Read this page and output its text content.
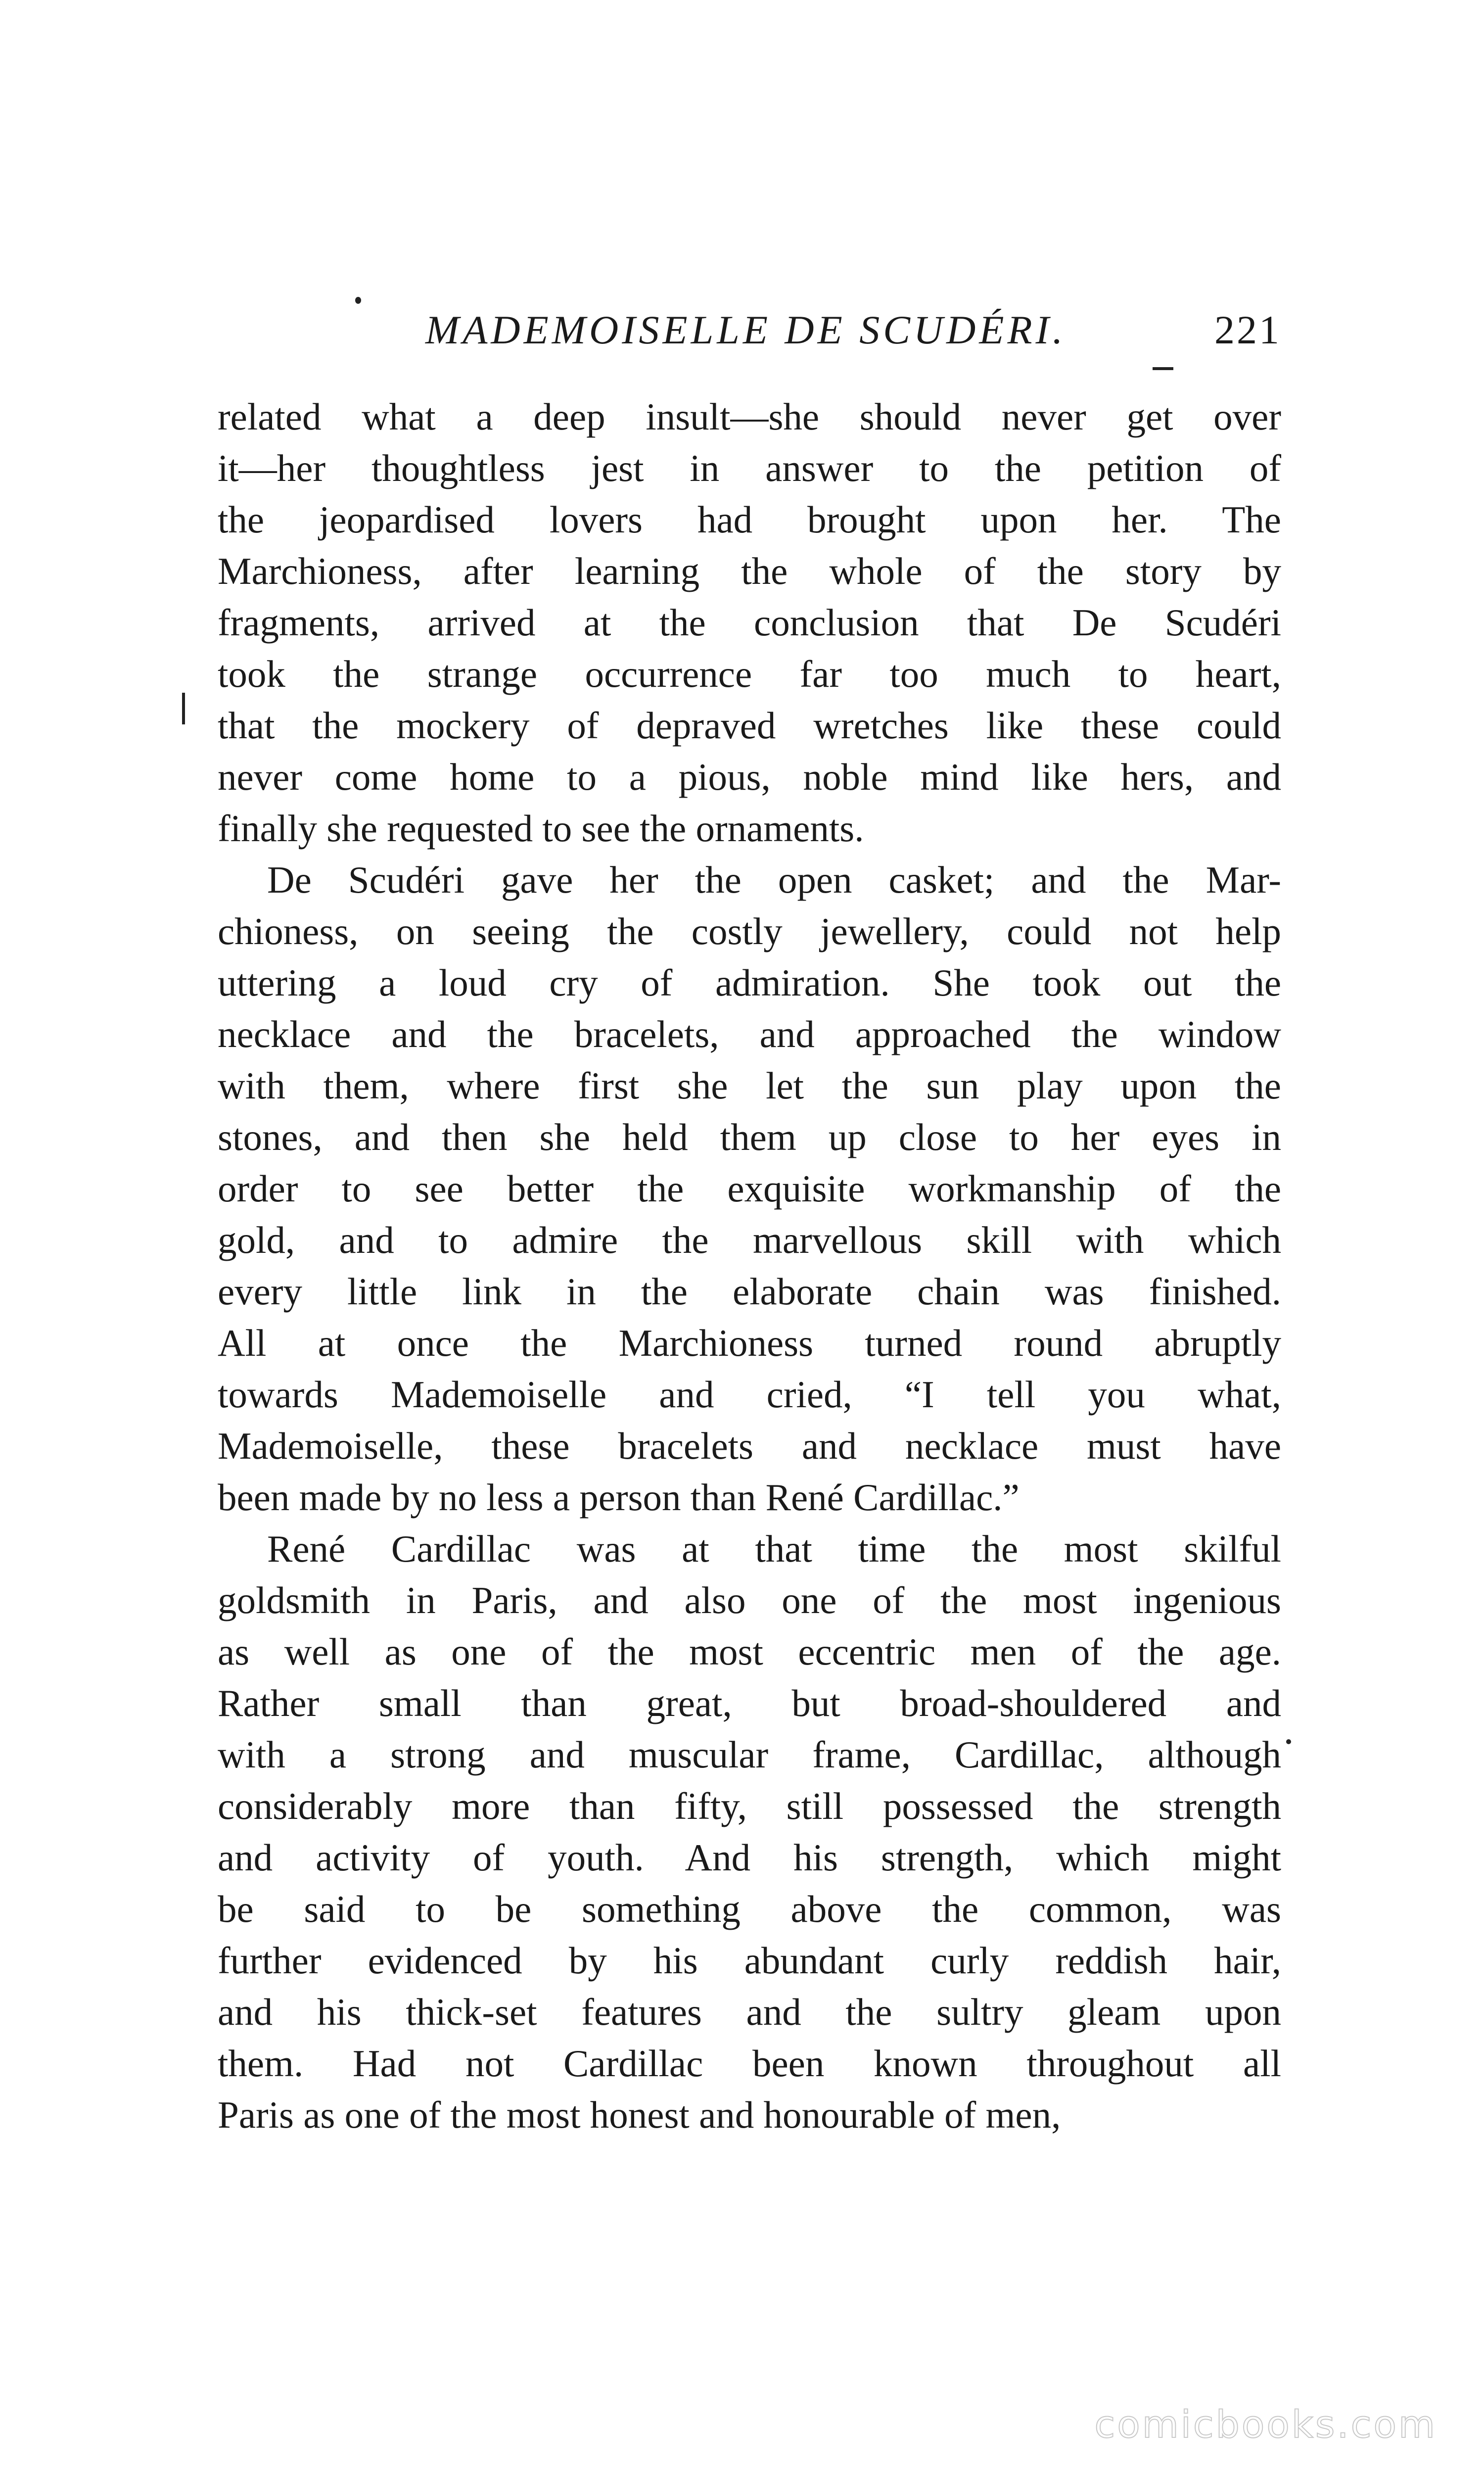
MADEMOISELLE DE SCUDÉRI.	221
related what a deep insult—she should never get over
it—her thoughtless jest in answer to the petition of
the jeopardised lovers had brought upon her. The
Marchioness, after learning the whole of the story by
fragments, arrived at the conclusion that De Scudéri
took the strange occurrence far too much to heart,
that the mockery of depraved wretches like these could
never come home to a pious, noble mind like hers, and
finally she requested to see the ornaments.
De Scudéri gave her the open casket; and the Mar-
chioness, on seeing the costly jewellery, could not help
uttering a loud cry of admiration. She took out the
necklace and the bracelets, and approached the window
with them, where first she let the sun play upon the
stones, and then she held them up close to her eyes in
order to see better the exquisite workmanship of the
gold, and to admire the marvellous skill with which
every little link in the elaborate chain was finished.
All at once the Marchioness turned round abruptly
towards Mademoiselle and cried, “I tell you what,
Mademoiselle, these bracelets and necklace must have
been made by no less a person than René Cardillac.”
René Cardillac was at that time the most skilful
goldsmith in Paris, and also one of the most ingenious
as well as one of the most eccentric men of the age.
Rather small than great, but broad-shouldered and
with a strong and muscular frame, Cardillac, although
considerably more than fifty, still possessed the strength
and activity of youth. And his strength, which might
be said to be something above the common, was
further evidenced by his abundant curly reddish hair,
and his thick-set features and the sultry gleam upon
them. Had not Cardillac been known throughout all
Paris as one of the most honest and honourable of men,
comicbooks.com
